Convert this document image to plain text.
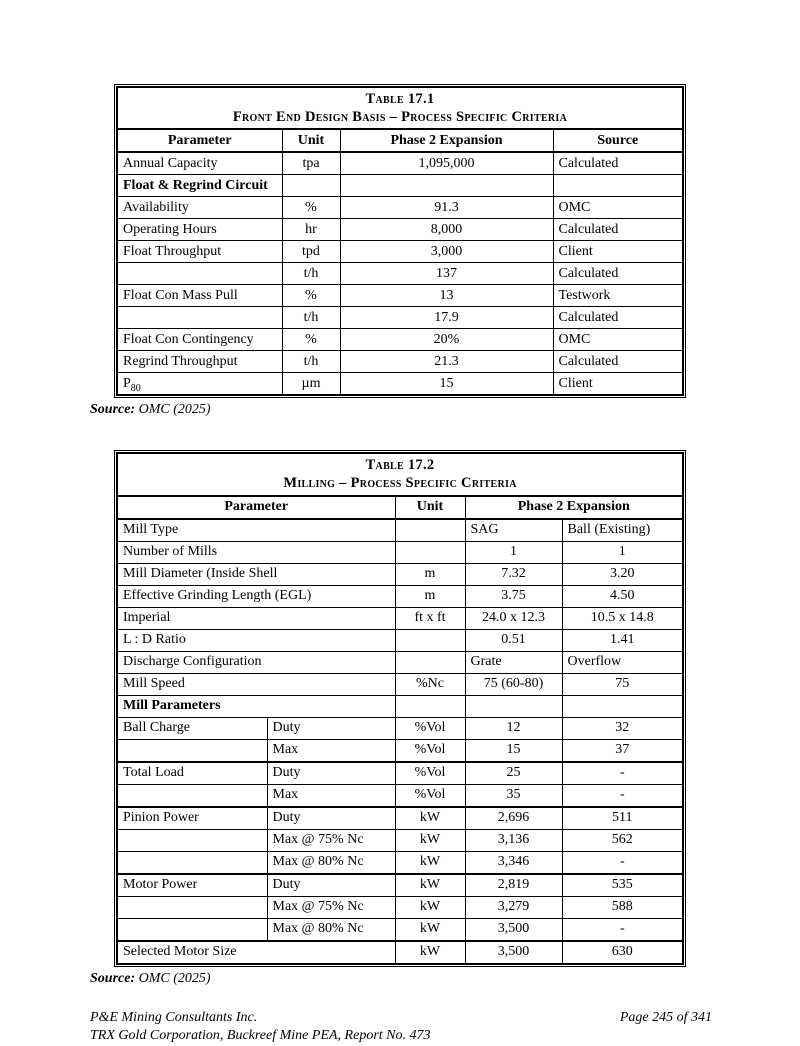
Table 17.1
Front End Design Basis – Process Specific Criteria			

Parameter	Unit	Phase 2 Expansion	Source
Annual Capacity	tpa	1,095,000	Calculated
Float & Regrind Circuit			
Availability	%	91.3	OMC
Operating Hours	hr	8,000	Calculated
Float Throughput	tpd	3,000	Client
	t/h	137	Calculated
Float Con Mass Pull	%	13	Testwork
	t/h	17.9	Calculated
Float Con Contingency	%	20%	OMC
Regrind Throughput	t/h	21.3	Calculated
$P_{80}$	µm	15	Client
Source: OMC (2025)
Table 17.2
Milling – Process Specific Criteria				

Parameter		Unit	Phase 2 Expansion	
Mill Type			SAG	Ball (Existing)
Number of Mills			1	1
Mill Diameter (Inside Shell		m	7.32	3.20
Effective Grinding Length (EGL)		m	3.75	4.50
Imperial		ft x ft	24.0 x 12.3	10.5 x 14.8
L : D Ratio			0.51	1.41
Discharge Configuration			Grate	Overflow
Mill Speed		%Nc	75 (60-80)	75
Mill Parameters				
Ball Charge	Duty	%Vol	12	32
	Max	%Vol	15	37
Total Load	Duty	%Vol	25	-
	Max	%Vol	35	-
Pinion Power	Duty	kW	2,696	511
	Max @ 75% Nc	kW	3,136	562
	Max @ 80% Nc	kW	3,346	-
Motor Power	Duty	kW	2,819	535
	Max @ 75% Nc	kW	3,279	588
	Max @ 80% Nc	kW	3,500	-
Selected Motor Size		kW	3,500	630
Source: OMC (2025)
P&E Mining Consultants Inc.	Page 245 of 341
TRX Gold Corporation, Buckreef Mine PEA, Report No. 473
